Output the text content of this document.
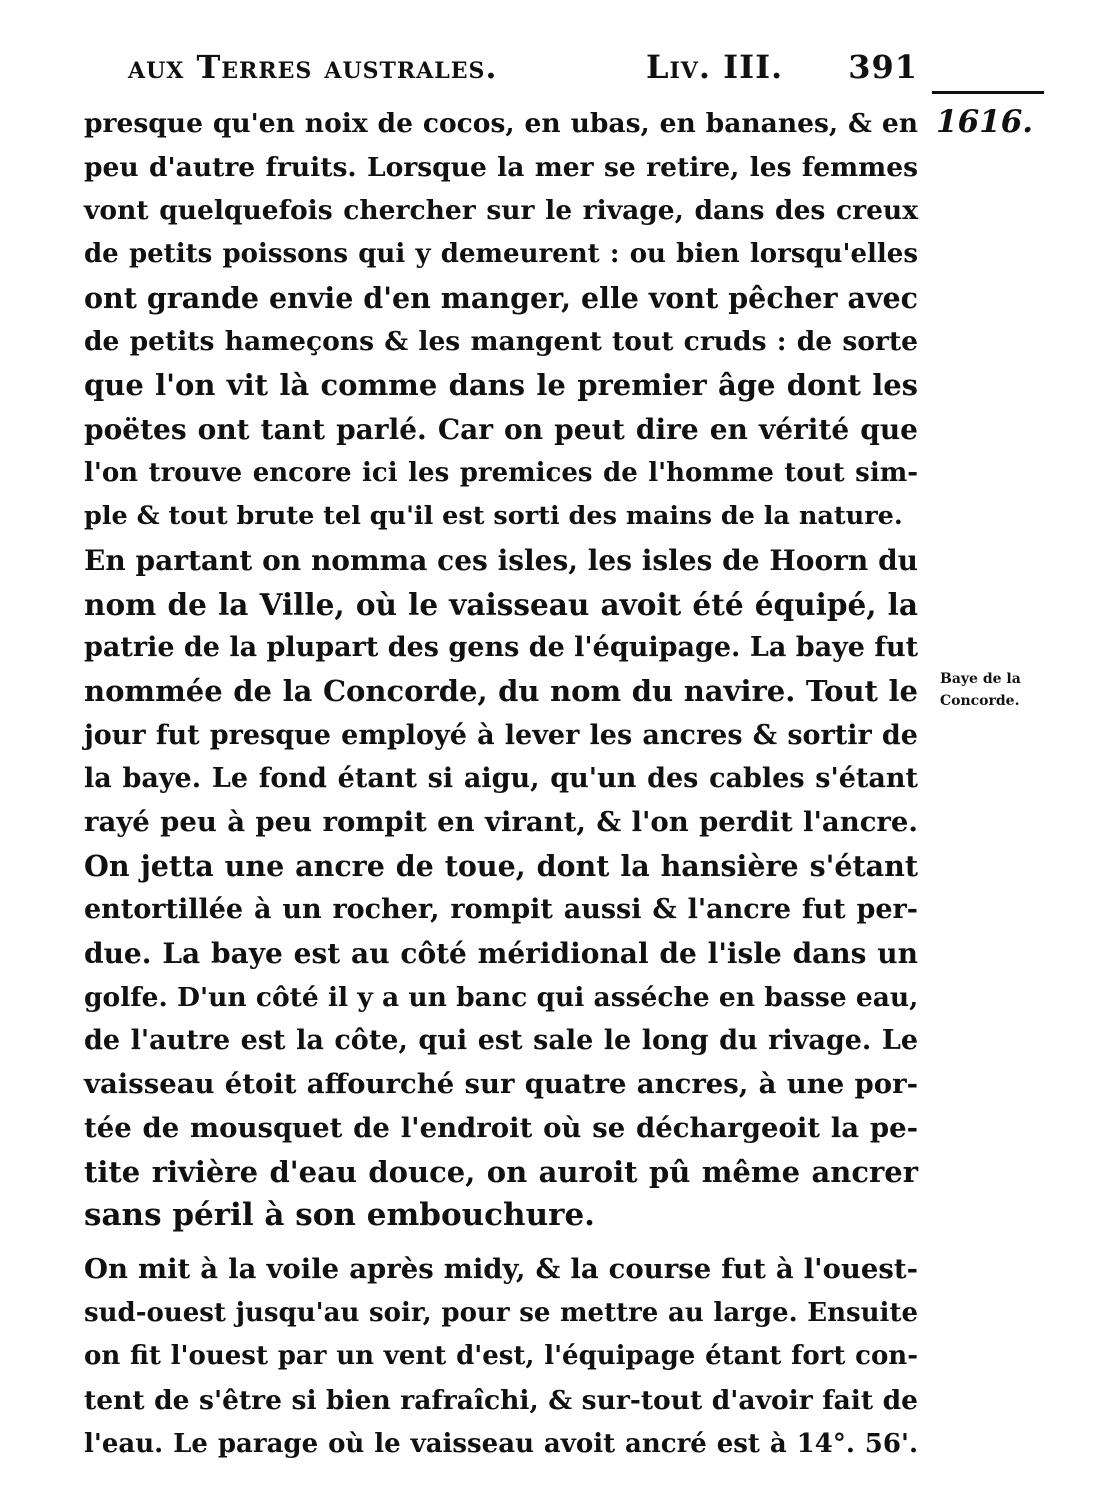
aux Terres australes.	Liv. III. 391
1616.
Baye de la
Concorde.
presque qu'en noix de cocos, en ubas, en bananes, & en
peu d'autre fruits. Lorsque la mer se retire, les femmes
vont quelquefois chercher sur le rivage, dans des creux
de petits poissons qui y demeurent : ou bien lorsqu'elles
ont grande envie d'en manger, elle vont pêcher avec
de petits hameçons & les mangent tout cruds : de sorte
que l'on vit là comme dans le premier âge dont les
poëtes ont tant parlé. Car on peut dire en vérité que
l'on trouve encore ici les premices de l'homme tout sim-
ple & tout brute tel qu'il est sorti des mains de la nature.
En partant on nomma ces isles, les isles de Hoorn du
nom de la Ville, où le vaisseau avoit été équipé, la
patrie de la plupart des gens de l'équipage. La baye fut
nommée de la Concorde, du nom du navire. Tout le
jour fut presque employé à lever les ancres & sortir de
la baye. Le fond étant si aigu, qu'un des cables s'étant
rayé peu à peu rompit en virant, & l'on perdit l'ancre.
On jetta une ancre de toue, dont la hansière s'étant
entortillée à un rocher, rompit aussi & l'ancre fut per-
due. La baye est au côté méridional de l'isle dans un
golfe. D'un côté il y a un banc qui asséche en basse eau,
de l'autre est la côte, qui est sale le long du rivage. Le
vaisseau étoit affourché sur quatre ancres, à une por-
tée de mousquet de l'endroit où se déchargeoit la pe-
tite rivière d'eau douce, on auroit pû même ancrer
sans péril à son embouchure.
On mit à la voile après midy, & la course fut à l'ouest-
sud-ouest jusqu'au soir, pour se mettre au large. Ensuite
on fit l'ouest par un vent d'est, l'équipage étant fort con-
tent de s'être si bien rafraîchi, & sur-tout d'avoir fait de
l'eau. Le parage où le vaisseau avoit ancré est à 14°. 56'.
